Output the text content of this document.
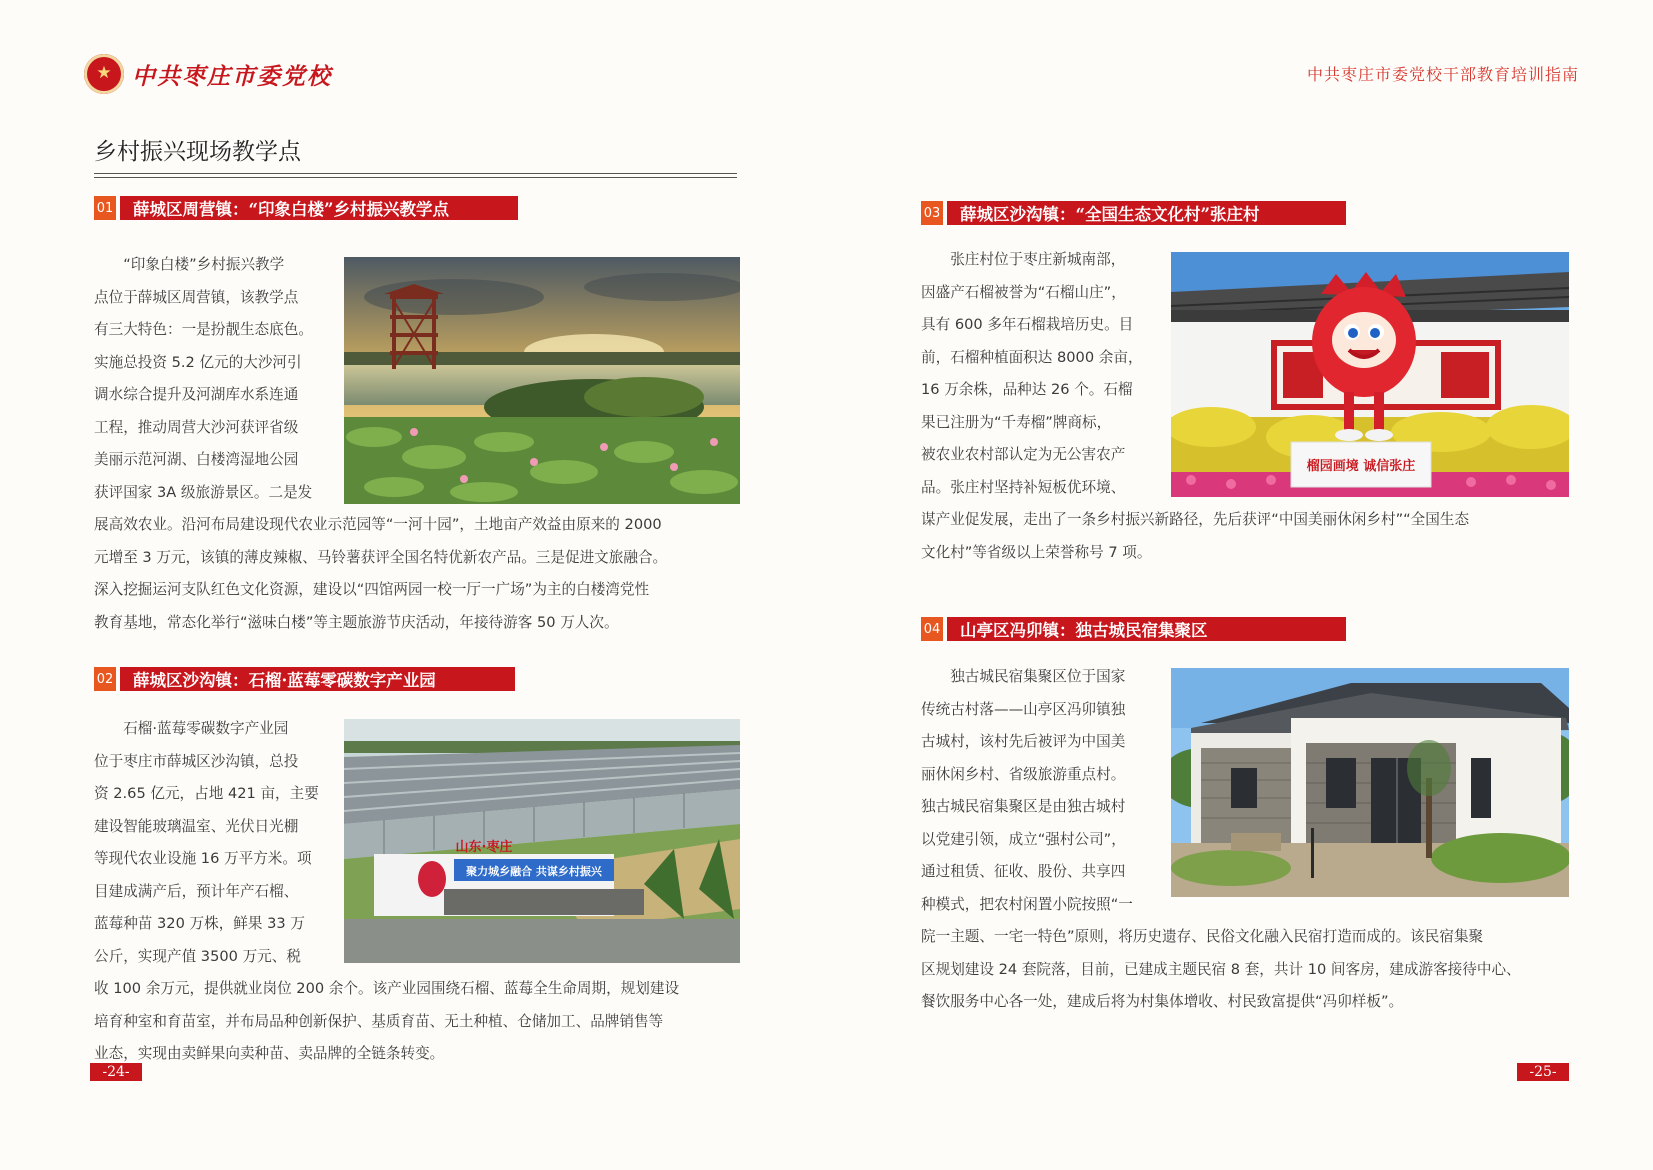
★
中共枣庄市委党校	中共枣庄市委党校干部教育培训指南
乡村振兴现场教学点
01	薛城区周营镇：“印象白楼”乡村振兴教学点
“印象白楼”乡村振兴教学
点位于薛城区周营镇，该教学点
有三大特色：一是扮靓生态底色。
实施总投资 5.2 亿元的大沙河引
调水综合提升及河湖库水系连通
工程，推动周营大沙河获评省级
美丽示范河湖、白楼湾湿地公园
获评国家 3A 级旅游景区。二是发
展高效农业。沿河布局建设现代农业示范园等“一河十园”，土地亩产效益由原来的 2000
元增至 3 万元，该镇的薄皮辣椒、马铃薯获评全国名特优新农产品。三是促进文旅融合。
深入挖掘运河支队红色文化资源，建设以“四馆两园一校一厅一广场”为主的白楼湾党性
教育基地，常态化举行“滋味白楼”等主题旅游节庆活动，年接待游客 50 万人次。
02	薛城区沙沟镇：石榴·蓝莓零碳数字产业园
石榴·蓝莓零碳数字产业园
位于枣庄市薛城区沙沟镇，总投
资 2.65 亿元，占地 421 亩，主要
建设智能玻璃温室、光伏日光棚
等现代农业设施 16 万平方米。项
目建成满产后，预计年产石榴、
蓝莓种苗 320 万株，鲜果 33 万
公斤，实现产值 3500 万元、税
收 100 余万元，提供就业岗位 200 余个。该产业园围绕石榴、蓝莓全生命周期，规划建设
培育种室和育苗室，并布局品种创新保护、基质育苗、无土种植、仓储加工、品牌销售等
业态，实现由卖鲜果向卖种苗、卖品牌的全链条转变。
聚力城乡融合 共谋乡村振兴
山东·枣庄
03	薛城区沙沟镇：“全国生态文化村”张庄村
张庄村位于枣庄新城南部，
因盛产石榴被誉为“石榴山庄”，
具有 600 多年石榴栽培历史。目
前，石榴种植面积达 8000 余亩，
16 万余株，品种达 26 个。石榴
果已注册为“千寿榴”牌商标，
被农业农村部认定为无公害农产
品。张庄村坚持补短板优环境、
谋产业促发展，走出了一条乡村振兴新路径，先后获评“中国美丽休闲乡村”“全国生态
文化村”等省级以上荣誉称号 7 项。
榴园画境 诚信张庄
04	山亭区冯卯镇：独古城民宿集聚区
独古城民宿集聚区位于国家
传统古村落——山亭区冯卯镇独
古城村，该村先后被评为中国美
丽休闲乡村、省级旅游重点村。
独古城民宿集聚区是由独古城村
以党建引领，成立“强村公司”，
通过租赁、征收、股份、共享四
种模式，把农村闲置小院按照“一
院一主题、一宅一特色”原则，将历史遗存、民俗文化融入民宿打造而成的。该民宿集聚
区规划建设 24 套院落，目前，已建成主题民宿 8 套，共计 10 间客房，建成游客接待中心、
餐饮服务中心各一处，建成后将为村集体增收、村民致富提供“冯卯样板”。
-24-	-25-
